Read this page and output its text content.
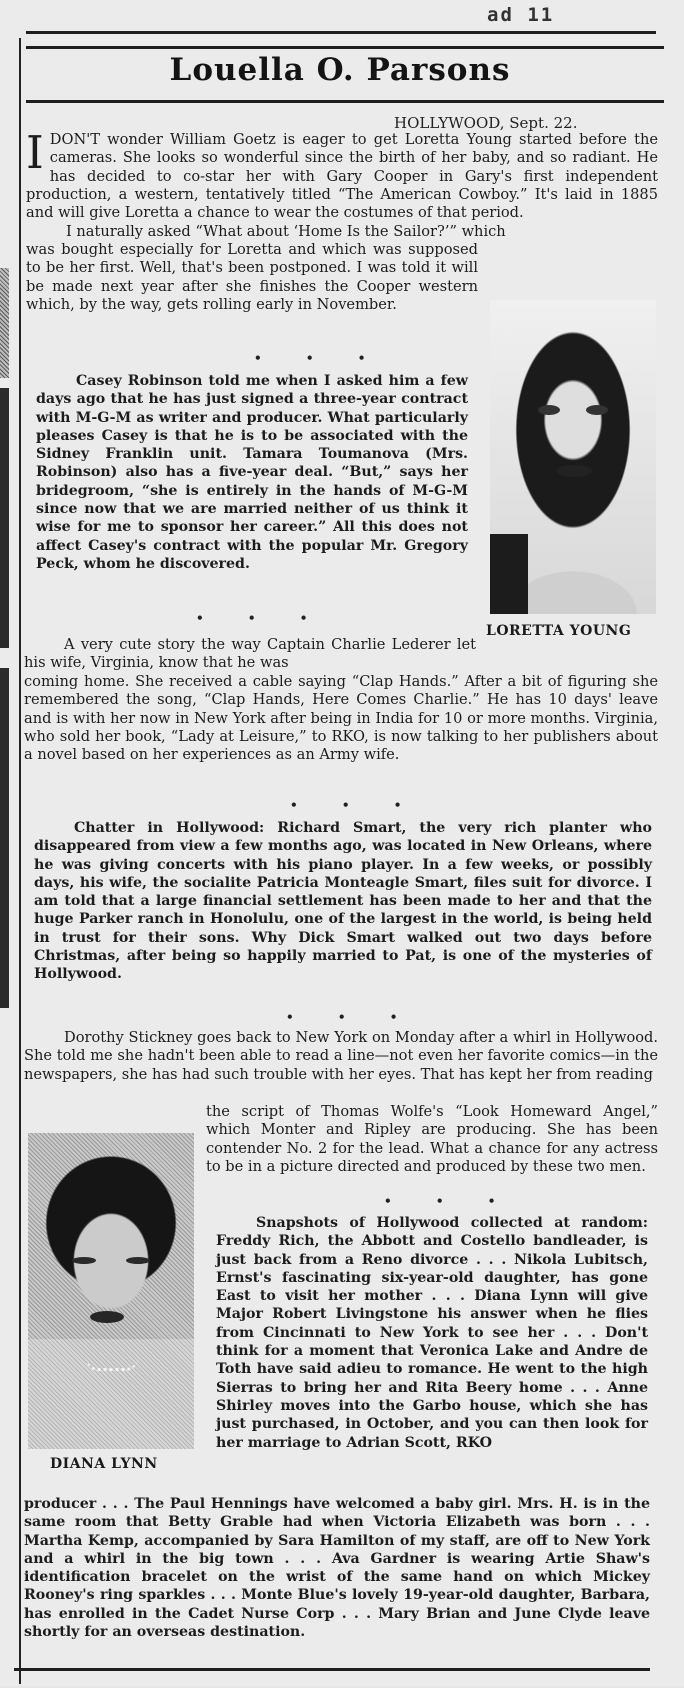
ad 11
Louella O. Parsons
HOLLYWOOD, Sept. 22.
IDON'T wonder William Goetz is eager to get Loretta Young started before the cameras. She looks so wonderful since the birth of her baby, and so radiant. He has decided to co-star her with Gary Cooper in Gary's first independent production, a western, tentatively titled “The American Cowboy.” It's laid in 1885 and will give Loretta a chance to wear the costumes of that period.
I naturally asked “What about ‘Home Is the Sailor?’” which
was bought especially for Loretta and which was supposed to be her first. Well, that's been postponed. I was told it will be made next year after she finishes the Cooper western which, by the way, gets rolling early in November.
• • •
Casey Robinson told me when I asked him a few days ago that he has just signed a three-year contract with M-G-M as writer and producer. What particularly pleases Casey is that he is to be associated with the Sidney Franklin unit. Tamara Toumanova (Mrs. Robinson) also has a five-year deal. “But,” says her bridegroom, “she is entirely in the hands of M-G-M since now that we are married neither of us think it wise for me to sponsor her career.” All this does not affect Casey's contract with the popular Mr. Gregory Peck, whom he discovered.
LORETTA YOUNG
• • •
A very cute story the way Captain Charlie Lederer let his wife, Virginia, know that he was
coming home. She received a cable saying “Clap Hands.” After a bit of figuring she remembered the song, “Clap Hands, Here Comes Charlie.” He has 10 days' leave and is with her now in New York after being in India for 10 or more months. Virginia, who sold her book, “Lady at Leisure,” to RKO, is now talking to her publishers about a novel based on her experiences as an Army wife.
• • •
Chatter in Hollywood: Richard Smart, the very rich planter who disappeared from view a few months ago, was located in New Orleans, where he was giving concerts with his piano player. In a few weeks, or possibly days, his wife, the socialite Patricia Monteagle Smart, files suit for divorce. I am told that a large financial settlement has been made to her and that the huge Parker ranch in Honolulu, one of the largest in the world, is being held in trust for their sons. Why Dick Smart walked out two days before Christmas, after being so happily married to Pat, is one of the mysteries of Hollywood.
• • •
Dorothy Stickney goes back to New York on Monday after a whirl in Hollywood. She told me she hadn't been able to read a line—not even her favorite comics—in the newspapers, she has had such trouble with her eyes. That has kept her from reading
the script of Thomas Wolfe's “Look Homeward Angel,” which Monter and Ripley are producing. She has been contender No. 2 for the lead. What a chance for any actress to be in a picture directed and produced by these two men.
DIANA LYNN
• • •
Snapshots of Hollywood collected at random: Freddy Rich, the Abbott and Costello bandleader, is just back from a Reno divorce . . . Nikola Lubitsch, Ernst's fascinating six-year-old daughter, has gone East to visit her mother . . . Diana Lynn will give Major Robert Livingstone his answer when he flies from Cincinnati to New York to see her . . . Don't think for a moment that Veronica Lake and Andre de Toth have said adieu to romance. He went to the high Sierras to bring her and Rita Beery home . . . Anne Shirley moves into the Garbo house, which she has just purchased, in October, and you can then look for her marriage to Adrian Scott, RKO
producer . . . The Paul Hennings have welcomed a baby girl. Mrs. H. is in the same room that Betty Grable had when Victoria Elizabeth was born . . . Martha Kemp, accompanied by Sara Hamilton of my staff, are off to New York and a whirl in the big town . . . Ava Gardner is wearing Artie Shaw's identification bracelet on the wrist of the same hand on which Mickey Rooney's ring sparkles . . . Monte Blue's lovely 19-year-old daughter, Barbara, has enrolled in the Cadet Nurse Corp . . . Mary Brian and June Clyde leave shortly for an overseas destination.
